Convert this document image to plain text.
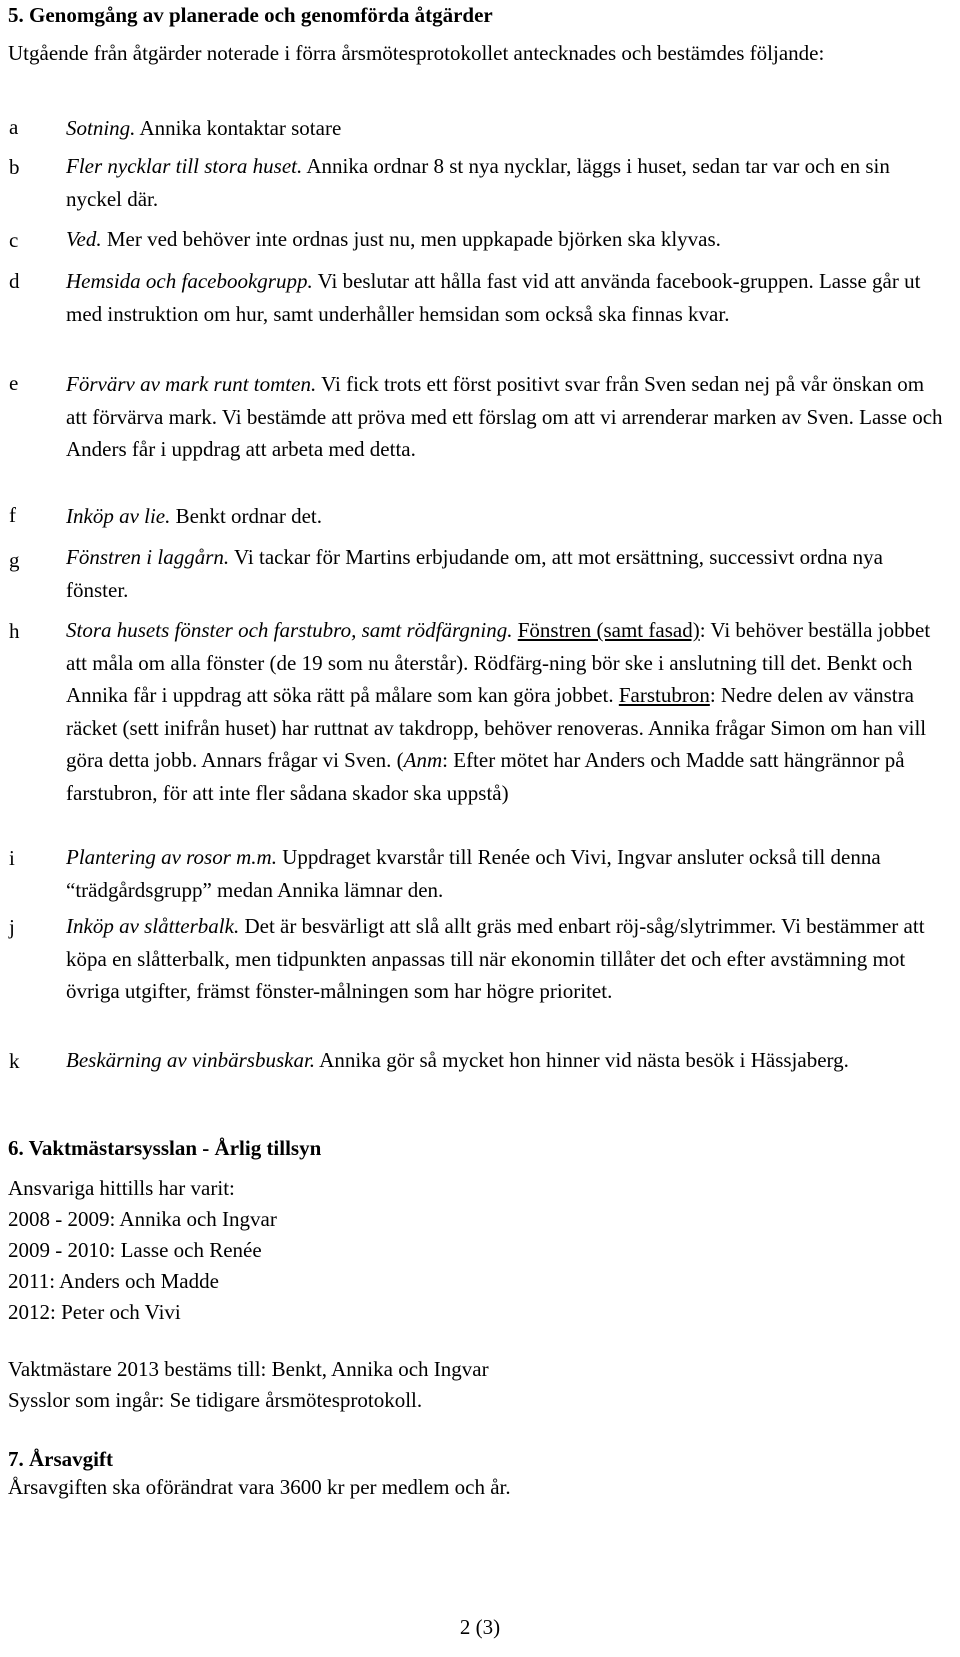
5. Genomgång av planerade och genomförda åtgärder
Utgående från åtgärder noterade i förra årsmötesprotokollet antecknades och bestämdes följande:
a Sotning. Annika kontaktar sotare
b Fler nycklar till stora huset. Annika ordnar 8 st nya nycklar, läggs i huset, sedan tar var och en sin nyckel där.
c Ved. Mer ved behöver inte ordnas just nu, men uppkapade björken ska klyvas.
d Hemsida och facebookgrupp. Vi beslutar att hålla fast vid att använda facebook-gruppen. Lasse går ut med instruktion om hur, samt underhåller hemsidan som också ska finnas kvar.
e Förvärv av mark runt tomten. Vi fick trots ett först positivt svar från Sven sedan nej på vår önskan om att förvärva mark. Vi bestämde att pröva med ett förslag om att vi arrenderar marken av Sven. Lasse och Anders får i uppdrag att arbeta med detta.
f Inköp av lie. Benkt ordnar det.
g Fönstren i laggårn. Vi tackar för Martins erbjudande om, att mot ersättning, successivt ordna nya fönster.
h Stora husets fönster och farstubro, samt rödfärgning. Fönstren (samt fasad): Vi behöver beställa jobbet att måla om alla fönster (de 19 som nu återstår). Rödfärg-ning bör ske i anslutning till det. Benkt och Annika får i uppdrag att söka rätt på målare som kan göra jobbet. Farstubron: Nedre delen av vänstra räcket (sett inifrån huset) har ruttnat av takdropp, behöver renoveras. Annika frågar Simon om han vill göra detta jobb. Annars frågar vi Sven. (Anm: Efter mötet har Anders och Madde satt hängrännor på farstubron, för att inte fler sådana skador ska uppstå)
i Plantering av rosor m.m. Uppdraget kvarstår till Renée och Vivi, Ingvar ansluter också till denna “trädgårdsgrupp” medan Annika lämnar den.
j Inköp av slåtterbalk. Det är besvärligt att slå allt gräs med enbart röj-såg/slytrimmer. Vi bestämmer att köpa en slåtterbalk, men tidpunkten anpassas till när ekonomin tillåter det och efter avstämning mot övriga utgifter, främst fönster-målningen som har högre prioritet.
k Beskärning av vinbärsbuskar. Annika gör så mycket hon hinner vid nästa besök i Hässjaberg.
6. Vaktmästarsysslan - Årlig tillsyn
Ansvariga hittills har varit:
2008 - 2009: Annika och Ingvar
2009 - 2010: Lasse och Renée
2011: Anders och Madde
2012: Peter och Vivi
Vaktmästare 2013 bestäms till: Benkt, Annika och Ingvar
Sysslor som ingår: Se tidigare årsmötesprotokoll.
7. Årsavgift
Årsavgiften ska oförändrat vara 3600 kr per medlem och år.
2 (3)
